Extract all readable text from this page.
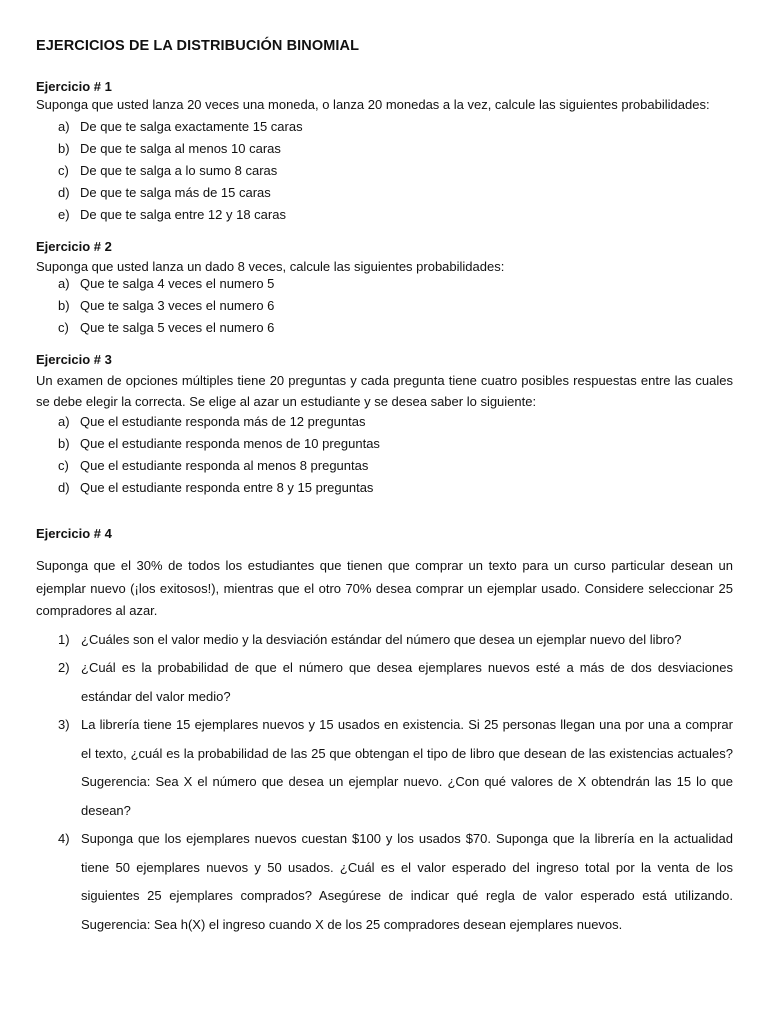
EJERCICIOS DE LA DISTRIBUCIÓN BINOMIAL
Ejercicio # 1
Suponga que usted lanza 20 veces una moneda, o lanza 20 monedas a la vez, calcule las siguientes probabilidades:
a) De que te salga exactamente 15 caras
b) De que te salga al menos 10 caras
c) De que te salga a lo sumo 8 caras
d) De que te salga más de 15 caras
e) De que te salga entre 12 y 18 caras
Ejercicio # 2
Suponga que usted lanza un dado 8 veces, calcule las siguientes probabilidades:
a) Que te salga 4 veces el numero 5
b) Que te salga 3 veces el numero 6
c) Que te salga 5 veces el numero 6
Ejercicio # 3
Un examen de opciones múltiples tiene 20 preguntas y cada pregunta tiene cuatro posibles respuestas entre las cuales se debe elegir la correcta. Se elige al azar un estudiante y se desea saber lo siguiente:
a) Que el estudiante responda más de 12 preguntas
b) Que el estudiante responda menos de 10 preguntas
c) Que el estudiante responda al menos 8 preguntas
d) Que el estudiante responda entre 8 y 15 preguntas
Ejercicio # 4
Suponga que el 30% de todos los estudiantes que tienen que comprar un texto para un curso particular desean un ejemplar nuevo (¡los exitosos!), mientras que el otro 70% desea comprar un ejemplar usado. Considere seleccionar 25 compradores al azar.
1) ¿Cuáles son el valor medio y la desviación estándar del número que desea un ejemplar nuevo del libro?
2) ¿Cuál es la probabilidad de que el número que desea ejemplares nuevos esté a más de dos desviaciones estándar del valor medio?
3) La librería tiene 15 ejemplares nuevos y 15 usados en existencia. Si 25 personas llegan una por una a comprar el texto, ¿cuál es la probabilidad de las 25 que obtengan el tipo de libro que desean de las existencias actuales? Sugerencia: Sea X el número que desea un ejemplar nuevo. ¿Con qué valores de X obtendrán las 15 lo que desean?
4) Suponga que los ejemplares nuevos cuestan $100 y los usados $70. Suponga que la librería en la actualidad tiene 50 ejemplares nuevos y 50 usados. ¿Cuál es el valor esperado del ingreso total por la venta de los siguientes 25 ejemplares comprados? Asegúrese de indicar qué regla de valor esperado está utilizando. Sugerencia: Sea h(X) el ingreso cuando X de los 25 compradores desean ejemplares nuevos.
